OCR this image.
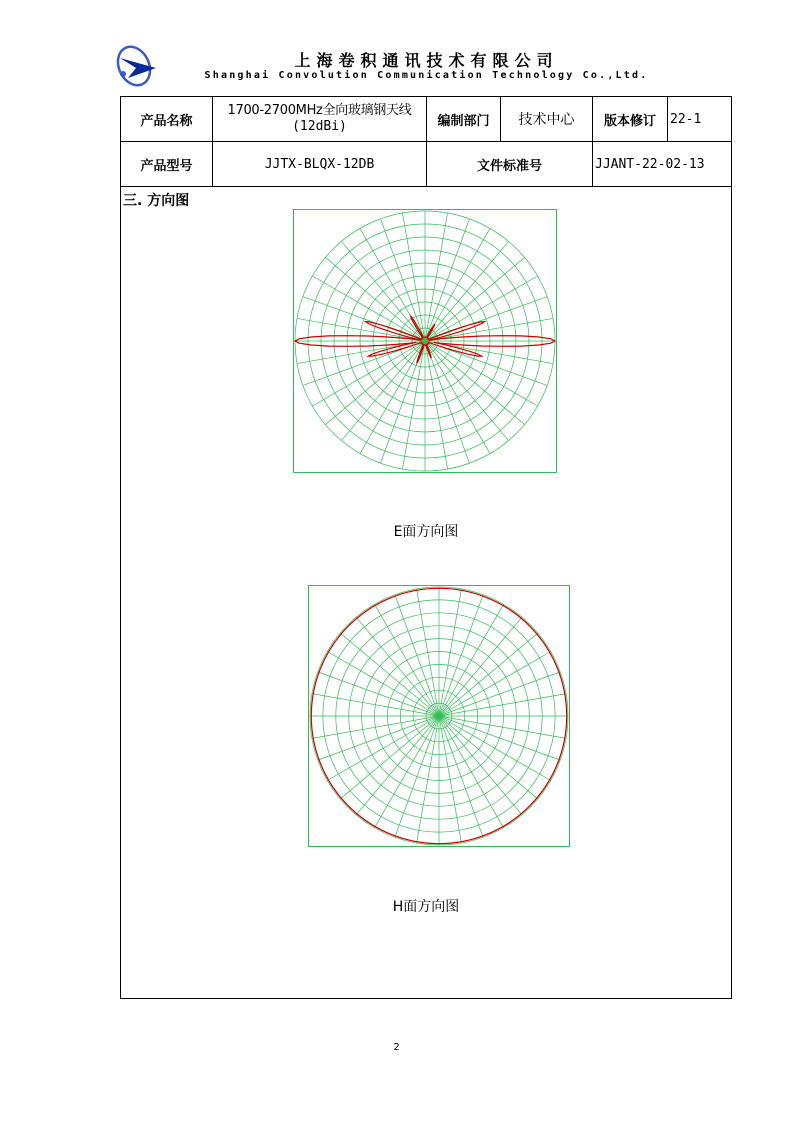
上海卷积通讯技术有限公司
Shanghai Convolution Communication Technology Co.,Ltd.
产品名称	1700-2700MHz全向玻璃钢天线
(12dBi)	编制部门	技术中心	版本修订	22-1
产品型号	JJTX-BLQX-12DB	文件标准号		JJANT-22-02-13	
三. 方向图
E面方向图
H面方向图
2
